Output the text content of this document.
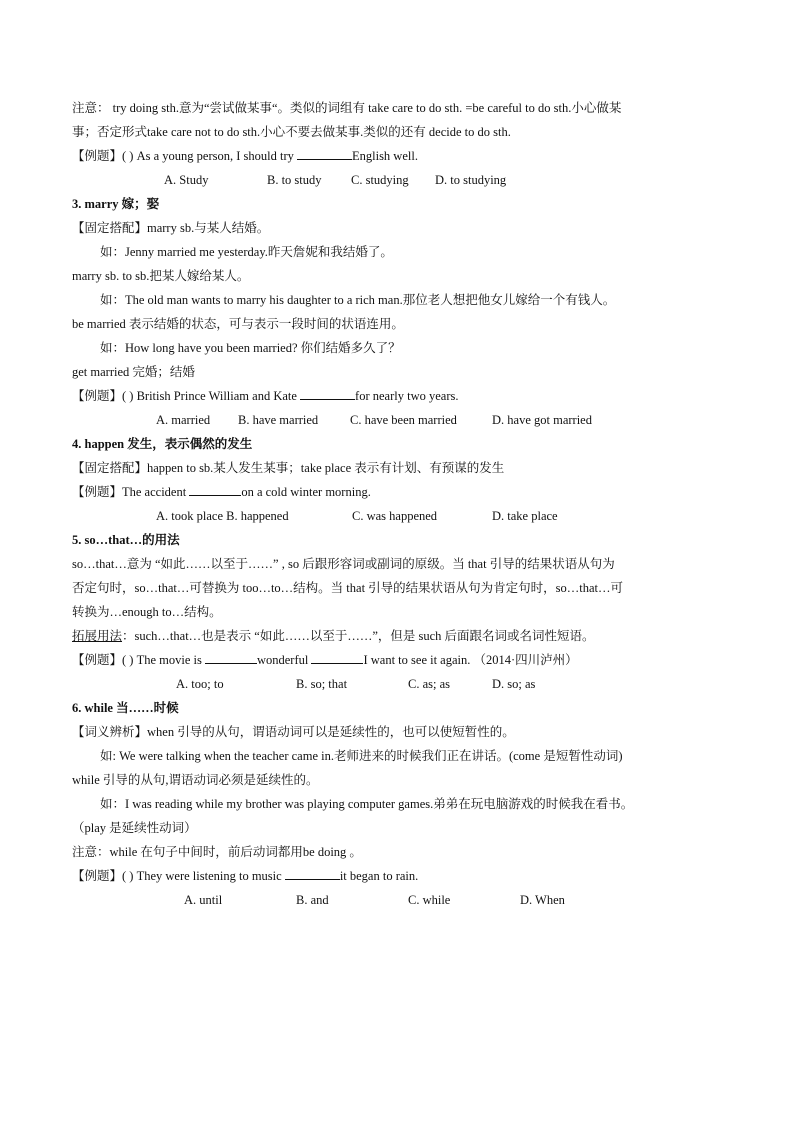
注意： try doing sth.意为“尝试做某事“。类似的词组有 take care to do sth. =be careful to do sth.小心做某
事；否定形式take care not to do sth.小心不要去做某事.类似的还有 decide to do sth.
【例题】( ) As a young person, I should try	English well.
A. Study	B. to study C. studying D. to studying
3. marry 嫁；娶
【固定搭配】marry sb.与某人结婚。
如：Jenny married me yesterday.昨天詹妮和我结婚了。
marry sb. to sb.把某人嫁给某人。
如：The old man wants to marry his daughter to a rich man.那位老人想把他女儿嫁给一个有钱人。
be married 表示结婚的状态，可与表示一段时间的状语连用。
如：How long have you been married? 你们结婚多久了？
get married 完婚；结婚
【例题】( ) British Prince William and Kate	for nearly two years.
A. married B. have married	C. have been married	D. have got married
4. happen 发生，表示偶然的发生
【固定搭配】happen to sb.某人发生某事；take place 表示有计划、有预谋的发生
【例题】The accident	on a cold winter morning.
A. took place B. happened	C. was happened	D. take place
5. so…that…的用法
so…that…意为 “如此……以至于……” , so 后跟形容词或副词的原级。当 that 引导的结果状语从句为
否定句时，so…that…可替换为 too…to…结构。当 that 引导的结果状语从句为肯定句时，so…that…可
转换为…enough to…结构。
拓展用法：such…that…也是表示 “如此……以至于……”，但是 such 后面跟名词或名词性短语。
【例题】( ) The movie is	wonderful	I want to see it again. （2014·四川泸州）
A. too; to	B. so; that	C. as; as	D. so; as
6. while 当……时候
【词义辨析】when 引导的从句，谓语动词可以是延续性的，也可以使短暂性的。
如: We were talking when the teacher came in.老师进来的时候我们正在讲话。(come 是短暂性动词)
while 引导的从句,谓语动词必须是延续性的。
如：I was reading while my brother was playing computer games.弟弟在玩电脑游戏的时候我在看书。
（play 是延续性动词）
注意：while 在句子中间时，前后动词都用be doing 。
【例题】( ) They were listening to music	it began to rain.
A. until	B. and	C. while	D. When
